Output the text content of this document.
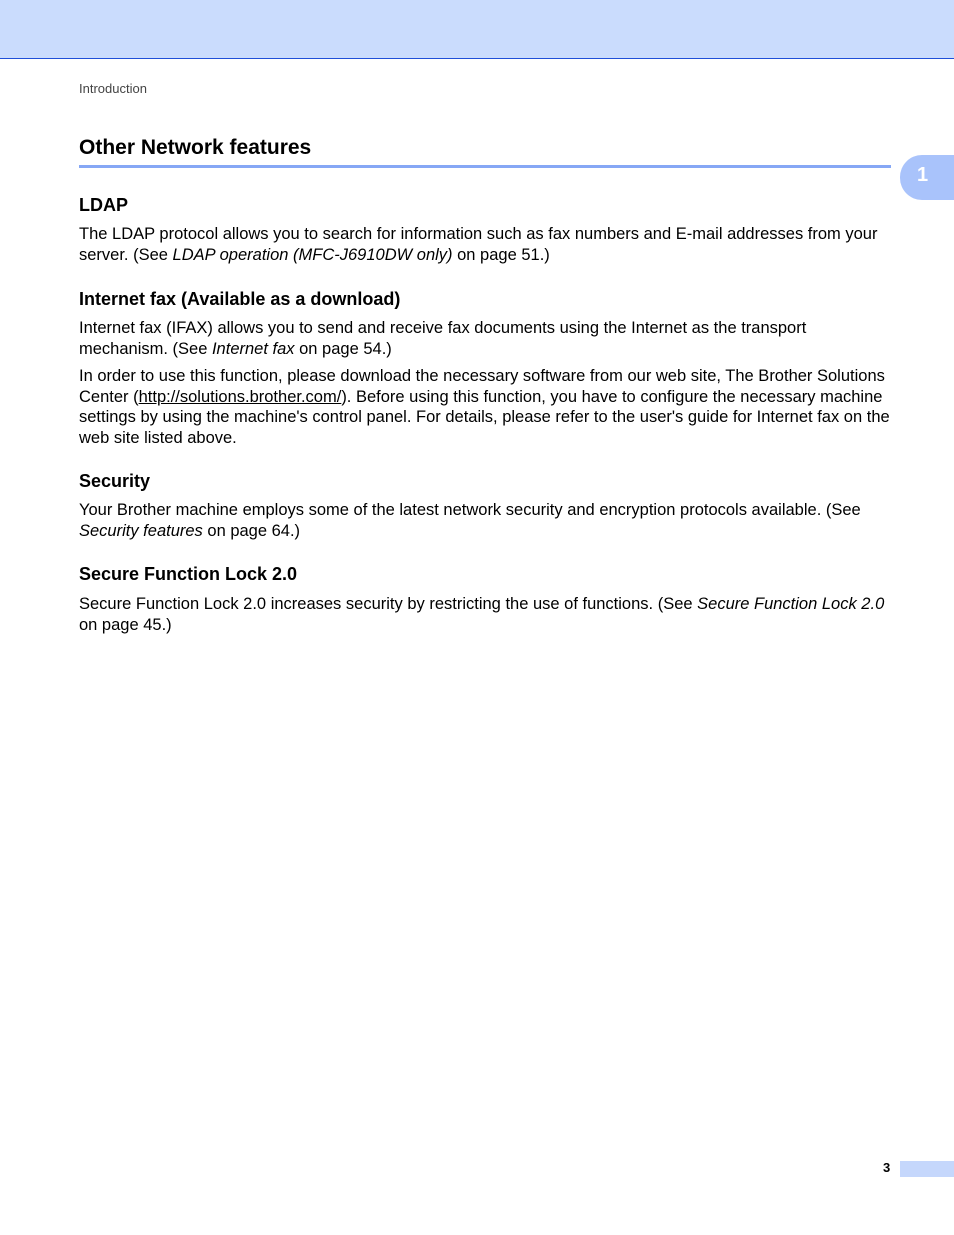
Introduction
1
Other Network features
LDAP

The LDAP protocol allows you to search for information such as fax numbers and E-mail addresses from your server. (See LDAP operation (MFC-J6910DW only) on page 51.)

Internet fax (Available as a download)

Internet fax (IFAX) allows you to send and receive fax documents using the Internet as the transport mechanism. (See Internet fax on page 54.)

In order to use this function, please download the necessary software from our web site, The Brother Solutions Center (http://solutions.brother.com/). Before using this function, you have to configure the necessary machine settings by using the machine's control panel. For details, please refer to the user's guide for Internet fax on the web site listed above.

Security

Your Brother machine employs some of the latest network security and encryption protocols available. (See Security features on page 64.)

Secure Function Lock 2.0

Secure Function Lock 2.0 increases security by restricting the use of functions. (See Secure Function Lock 2.0 on page 45.)

3
